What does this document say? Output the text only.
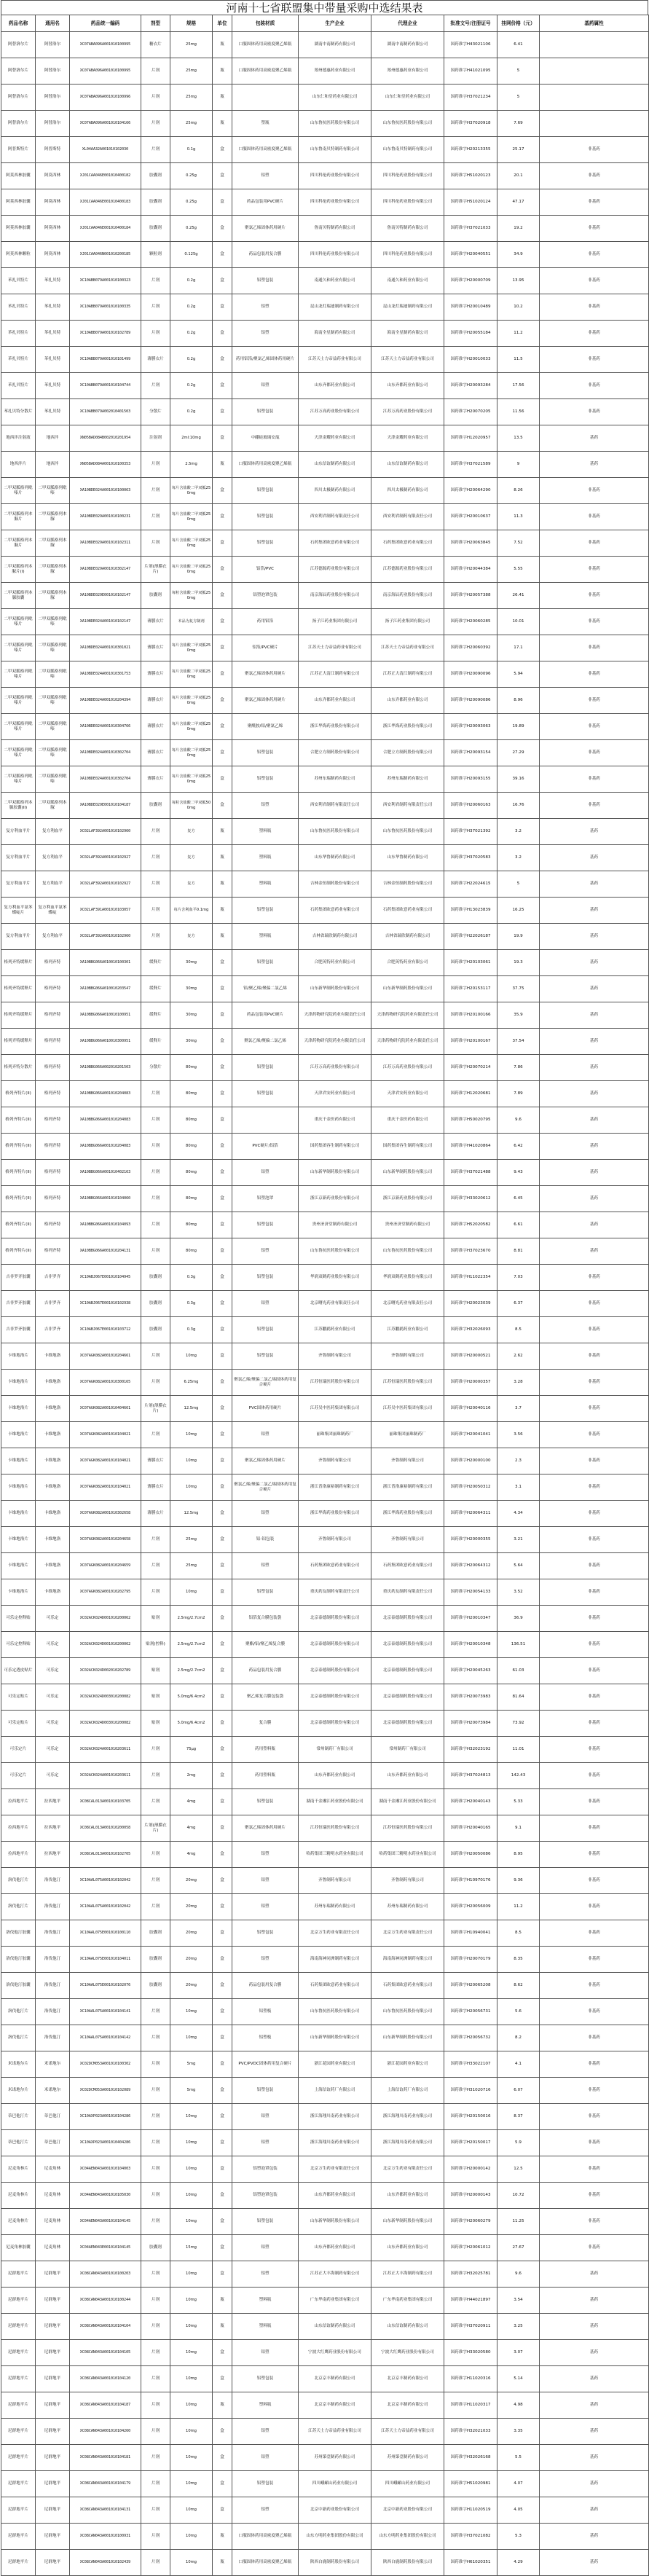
河南十七省联盟集中带量采购中选结果表
药品名称	通用名	药品统一编码	剂型	规格	单位	包装材质	生产企业	代理企业	批准文号/注册证号	挂网价格（元）	基药属性
阿替洛尔片	阿替洛尔	XC07ABA096A001010100995	糖衣片	25mg	瓶	口服固体药用高密度聚乙烯瓶	湖南中南制药有限公司	湖南中南制药有限公司	国药准字H43021106	6.41	
阿替洛尔片	阿替洛尔	XC07ABA096A001010100995	片剂	25mg	瓶	口服固体药用高密度聚乙烯瓶	郑州德惠药业有限公司	郑州德惠药业有限公司	国药准字H41021095	5	
阿替洛尔片	阿替洛尔	XC07ABA096A001010100996	片剂	25mg	瓶		山东仁和堂药业有限公司	山东仁和堂药业有限公司	国药准字H37021234	5	
阿替洛尔片	阿替洛尔	XC07ABA096A001010104166	片剂	25mg	瓶	塑瓶	山东鲁抗医药股份有限公司	山东鲁抗医药股份有限公司	国药准字H37020918	7.69	
阿普斯特片	阿普斯特	XL04AA32A001010102030	片剂	0.1g	盒	口服固体药用高密度聚乙烯瓶	山东鲁南贝特制药有限公司	山东鲁南贝特制药有限公司	国药准字H20213355	25.17	非基药
阿莫西林胶囊	阿莫西林	XJ01CAA046E001010400182	胶囊剂	0.25g	盒	铝塑	四川科伦药业股份有限公司	四川科伦药业股份有限公司	国药准字H51020123	20.1	非基药
阿莫西林胶囊	阿莫西林	XJ01CAA046E001010400183	胶囊剂	0.25g	盒	药品包装用PVC硬片	四川科伦药业股份有限公司	四川科伦药业股份有限公司	国药准字H51020124	47.17	非基药
阿莫西林胶囊	阿莫西林	XJ01CAA046E001010400184	胶囊剂	0.25g	盒	聚氯乙烯固体药用硬片	鲁南贝特制药有限公司	鲁南贝特制药有限公司	国药准字H37021033	19.2	非基药
阿莫西林颗粒	阿莫西林	XJ01CAA046N001010200185	颗粒剂	0.125g	盒	药品包装用复合膜	四川科伦药业股份有限公司	四川科伦药业股份有限公司	国药准字H20040551	34.9	非基药
苯扎贝特片	苯扎贝特	XC10ABB079A001010100323	片剂	0.2g	盒	铝塑包装	南通久和药业有限公司	南通久和药业有限公司	国药准字H20000709	13.95	非基药
苯扎贝特片	苯扎贝特	XC10ABB079A001010100335	片剂	0.2g	盒	铝塑	昆山龙灯瑞迪制药有限公司	昆山龙灯瑞迪制药有限公司	国药准字H20010489	10.2	非基药
苯扎贝特片	苯扎贝特	XC10ABB079A001010102789	片剂	0.2g	盒	铝塑	海南全星制药有限公司	海南全星制药有限公司	国药准字H20055184	11.2	非基药
苯扎贝特片	苯扎贝特	XC10ABB079A001010101499	薄膜衣片	0.2g	盒	药用铝箔/聚氯乙烯固体药用硬片	江苏天士力帝益药业有限公司	江苏天士力帝益药业有限公司	国药准字H20010033	11.5	非基药
苯扎贝特片	苯扎贝特	XC10ABB079A001010104744	片剂	0.2g	盒	铝塑	山东齐都药业有限公司	山东齐都药业有限公司	国药准字H20093284	17.56	非基药
苯扎贝特分散片	苯扎贝特	XC10ABB079A002010401503	分散片	0.2g	盒	铝塑包装	江苏万高药业股份有限公司	江苏万高药业股份有限公司	国药准字H20070205	11.56	非基药
地西泮注射液	地西泮	XN05BAD084B002010201954	注射剂	2ml:10mg	盒	中硼硅玻璃安瓿	天津金耀药业有限公司	天津金耀药业有限公司	国药准字H12020957	13.5	基药
地西泮片	地西泮	XN05BAD084A001010100353	片剂	2.5mg	瓶	口服固体药用高密度聚乙烯瓶	山东信谊制药有限公司	山东信谊制药有限公司	国药准字H37021589	9	基药
二甲双胍格列吡嗪片	二甲双胍格列吡嗪	XA10BDE024A001010100063	片剂	每片含盐酸二甲双胍250mg	盒	铝塑包装	四川太极制药有限公司	四川太极制药有限公司	国药准字H20064290	8.26	非基药
二甲双胍格列本脲片	二甲双胍格列本脲	XA10BDE029A001010100231	片剂	每片含盐酸二甲双胍250mg	盒	铝塑包装	西安利君制药有限责任公司	西安利君制药有限责任公司	国药准字H20010637	11.3	非基药
二甲双胍格列本脲片	二甲双胍格列本脲	XA10BDE029A001010102311	片剂	每片含盐酸二甲双胍250mg	盒	铝塑包装	石药集团欧意药业有限公司	石药集团欧意药业有限公司	国药准字H20063845	7.52	非基药
二甲双胍格列本脲片(I)	二甲双胍格列本脲	XA10BDE029A001010302147	片剂(薄膜衣片)	每片含盐酸二甲双胍250mg	盒	铝箔/PVC	江苏德源药业股份有限公司	江苏德源药业股份有限公司	国药准字H20044384	5.55	非基药
二甲双胍格列本脲胶囊	二甲双胍格列本脲	XA10BDE029E001010102147	胶囊剂	每粒含盐酸二甲双胍250mg	盒	铝塑泡罩包装	南京海辰药业股份有限公司	南京海辰药业股份有限公司	国药准字H20057388	26.41	非基药
二甲双胍格列吡嗪片	二甲双胍格列吡嗪	XA10BDE024A001010102147	薄膜衣片	本品为复方制剂	盒	药用铝箔	扬子江药业集团有限公司	扬子江药业集团有限公司	国药准字H20060285	10.01	非基药
二甲双胍格列吡嗪片	二甲双胍格列吡嗪	XA10BDE024A001010301021	薄膜衣片	每片含盐酸二甲双胍250mg	盒	铝箔/PVC硬片	江苏天士力帝益药业有限公司	江苏天士力帝益药业有限公司	国药准字H20060392	17.1	非基药
二甲双胍格列吡嗪片	二甲双胍格列吡嗪	XA10BDE024A001010301753	薄膜衣片	每片含盐酸二甲双胍250mg	盒	聚氯乙烯固体药用硬片	江苏正大清江制药有限公司	江苏正大清江制药有限公司	国药准字H20090096	5.94	非基药
二甲双胍格列吡嗪片	二甲双胍格列吡嗪	XA10BDE024A001010204394	薄膜衣片	每片含盐酸二甲双胍250mg	盒	聚氯乙烯固体药用硬片	山东齐都药业有限公司	山东齐都药业有限公司	国药准字H20090086	8.96	非基药
二甲双胍格列吡嗪片	二甲双胍格列吡嗪	XA10BDE024A001010304766	薄膜衣片	每片含盐酸二甲双胍250mg	盒	聚酰胺/铝/聚氯乙烯	浙江华海药业股份有限公司	浙江华海药业股份有限公司	国药准字H20093063	19.89	非基药
二甲双胍格列吡嗪片	二甲双胍格列吡嗪	XA10BDE024A001010302704	薄膜衣片	每片含盐酸二甲双胍250mg	盒	铝塑包装	合肥立方制药股份有限公司	合肥立方制药股份有限公司	国药准字H20093154	27.29	非基药
二甲双胍格列吡嗪片	二甲双胍格列吡嗪	XA10BDE024A001010302704	薄膜衣片	每片含盐酸二甲双胍250mg	盒	铝塑包装	苏州东瑞制药有限公司	苏州东瑞制药有限公司	国药准字H20093155	39.16	非基药
二甲双胍格列本脲胶囊(II)	二甲双胍格列本脲	XA10BDE029E001010104187	胶囊剂	每粒含盐酸二甲双胍500mg	盒	铝塑	西安利君制药有限责任公司	西安利君制药有限责任公司	国药准字H20060163	16.76	非基药
复方利血平片	复方利血平	XC02LAF392A001010102960	片剂	复方	瓶	塑料瓶	山东鲁抗医药股份有限公司	山东鲁抗医药股份有限公司	国药准字H37021392	3.2	基药
复方利血平片	复方利血平	XC02LAF392A001010102927	片剂	复方	瓶	塑料瓶	山东华鲁制药有限公司	山东华鲁制药有限公司	国药准字H37020583	3.2	基药
复方利血平片	复方利血平	XC02LAF392A001010102927	片剂	复方	瓶	塑料瓶	吉林金恒制药股份有限公司	吉林金恒制药股份有限公司	国药准字H22024615	5	基药
复方利血平氨苯蝶啶片	复方利血平氨苯蝶啶	XC02LAF391A001010103057	片剂	每片含利血平0.1mg	瓶	铝塑包装	石药集团欧意药业有限公司	石药集团欧意药业有限公司	国药准字H13023839	16.25	基药
复方利血平片	复方利血平	XC02LAF392A001010102960	片剂	复方	瓶	塑料瓶	吉林省瑞欣制药有限公司	吉林省瑞欣制药有限公司	国药准字H22026187	19.9	基药
格列齐特缓释片	格列齐特	XA10BBG066A010010100301	缓释片	30mg	盒	铝塑包装	合肥英特药业有限公司	合肥英特药业有限公司	国药准字H20103061	19.3	基药
格列齐特缓释片	格列齐特	XA10BBG066A010010203547	缓释片	30mg	盒	铝/聚乙烯/聚偏二氯乙烯	山东新华制药股份有限公司	山东新华制药股份有限公司	国药准字H20153117	37.75	基药
格列齐特缓释片	格列齐特	XA10BBG066A010010100951	缓释片	30mg	盒	药品包装用PVC硬片	天津药物研究院药业有限责任公司	天津药物研究院药业有限责任公司	国药准字H20100166	35.9	基药
格列齐特缓释片	格列齐特	XA10BBG066A010010300951	缓释片	30mg	盒	聚氯乙烯/聚偏二氯乙烯	天津药物研究院药业有限责任公司	天津药物研究院药业有限责任公司	国药准字H20100167	37.54	基药
格列齐特分散片	格列齐特	XA10BBG066A002010201503	分散片	80mg	盒	铝塑包装	江苏万高药业股份有限公司	江苏万高药业股份有限公司	国药准字H20070214	7.86	基药
格列齐特片(II)	格列齐特	XA10BBG066A001010204083	片剂	80mg	盒	铝塑包装	天津君安药业有限公司	天津君安药业有限公司	国药准字H12020681	7.89	基药
格列齐特片(II)	格列齐特	XA10BBG066A001010204083	片剂	80mg	盒		重庆千金医药有限公司	重庆千金医药有限公司	国药准字H50020795	9.6	基药
格列齐特片(II)	格列齐特	XA10BBG066A001010204083	片剂	80mg	盒	PVC硬片/铝箔	国药集团容生制药有限公司	国药集团容生制药有限公司	国药准字H41020864	6.42	基药
格列齐特片(II)	格列齐特	XA10BBG066A001010402163	片剂	80mg	盒	铝塑	山东新华制药股份有限公司	山东新华制药股份有限公司	国药准字H37021488	9.43	基药
格列齐特片(II)	格列齐特	XA10BBG066A001010104060	片剂	80mg	盒	铝塑泡罩	浙江京新药业股份有限公司	浙江京新药业股份有限公司	国药准字H33020612	6.45	基药
格列齐特片(II)	格列齐特	XA10BBG066A001010104093	片剂	80mg	盒	铝塑包装	贵州圣济堂制药有限公司	贵州圣济堂制药有限公司	国药准字H52020582	6.61	基药
格列齐特片(II)	格列齐特	XA10BBG066A001010204131	片剂	80mg	盒	铝塑	山东鲁抗医药股份有限公司	山东鲁抗医药股份有限公司	国药准字H37023670	8.81	基药
吉非罗齐胶囊	吉非罗齐	XC10ABJ067E001010104945	胶囊剂	0.3g	盒	铝塑包装	华润双鹤药业股份有限公司	华润双鹤药业股份有限公司	国药准字H11022354	7.03	非基药
吉非罗齐胶囊	吉非罗齐	XC10ABJ067E001010102938	胶囊剂	0.3g	盒	铝塑	北京曙光药业有限责任公司	北京曙光药业有限责任公司	国药准字H20023039	6.37	非基药
吉非罗齐胶囊	吉非罗齐	XC10ABJ067E001010103712	胶囊剂	0.3g	盒	铝塑包装	江苏鹏鹞药业有限公司	江苏鹏鹞药业有限公司	国药准字H32026093	8.5	非基药
卡维地洛片	卡维地洛	XC07AGK082A001010204661	片剂	10mg	盒	铝塑包装	齐鲁制药有限公司	齐鲁制药有限公司	国药准字H20000521	2.62	非基药
卡维地洛片	卡维地洛	XC07AGK082A001010300165	片剂	6.25mg	盒	聚氯乙烯/聚偏二氯乙烯固体药用复合硬片	江苏恒瑞医药股份有限公司	江苏恒瑞医药股份有限公司	国药准字H20000357	3.28	非基药
卡维地洛片	卡维地洛	XC07AGK082A001010404661	片剂(薄膜衣片)	12.5mg	盒	PVC固体药用硬片	江苏吴中医药集团有限公司	江苏吴中医药集团有限公司	国药准字H20040116	3.7	非基药
卡维地洛片	卡维地洛	XC07AGK082A001010104021	片剂	10mg	盒	铝塑	丽珠集团丽珠制药厂	丽珠集团丽珠制药厂	国药准字H20041041	3.56	非基药
卡维地洛片	卡维地洛	XC07AGK082A001010104021	薄膜衣片	10mg	盒	聚氯乙烯固体药用硬片	齐鲁制药有限公司	齐鲁制药有限公司	国药准字H20000100	2.3	非基药
卡维地洛片	卡维地洛	XC07AGK082A001010104021	薄膜衣片	10mg	盒	聚氯乙烯/聚偏二氯乙烯固体药用复合硬片	浙江普洛康裕制药有限公司	浙江普洛康裕制药有限公司	国药准字H20050312	3.1	非基药
卡维地洛片	卡维地洛	XC07AGK082A001010302658	薄膜衣片	12.5mg	盒	铝塑	浙江华海药业股份有限公司	浙江华海药业股份有限公司	国药准字H20064311	4.34	非基药
卡维地洛片	卡维地洛	XC07AGK082A001010204658	片剂	25mg	盒	铝-铝包装	齐鲁制药有限公司	齐鲁制药有限公司	国药准字H20000355	3.21	非基药
卡维地洛片	卡维地洛	XC07AGK082A001010204659	片剂	25mg	盒	铝塑	石药集团欧意药业有限公司	石药集团欧意药业有限公司	国药准字H20064312	5.64	非基药
卡维地洛片	卡维地洛	XC07AGK082A001010202795	片剂	10mg	盒	铝塑包装	重庆药友制药有限责任公司	重庆药友制药有限责任公司	国药准字H20054133	3.52	非基药
可乐定控释贴	可乐定	XC02ACK024D001010200062	贴剂	2.5mg/2.7cm2	盒	铝箔复合膜包装袋	北京泰德制药股份有限公司	北京泰德制药股份有限公司	国药准字H20010347	36.9	非基药
可乐定控释贴	可乐定	XC02ACK024D001010200062	贴剂(控释)	2.5mg/2.7cm2	盒	聚酯/铝/聚乙烯复合膜	北京泰德制药股份有限公司	北京泰德制药股份有限公司	国药准字H20010348	136.51	非基药
可乐定透皮贴片	可乐定	XC02ACK024D002010202789	贴剂	2.5mg/2.7cm2	盒	药品包装用复合膜	北京泰德制药股份有限公司	北京泰德制药股份有限公司	国药准字H20045263	61.03	非基药
可乐定贴片	可乐定	XC02ACK024D003010200082	贴剂	5.0mg/6.4cm2	盒	聚乙烯复合膜包装袋	北京泰德制药股份有限公司	北京泰德制药股份有限公司	国药准字H20073983	81.64	非基药
可乐定贴片	可乐定	XC02ACK024D003010200082	贴剂	5.0mg/6.4cm2	盒	复合膜	北京泰德制药股份有限公司	北京泰德制药股份有限公司	国药准字H20073984	73.92	非基药
可乐定片	可乐定	XC02ACK024A001010203611	片剂	75μg	盒	药用塑料瓶	常州制药厂有限公司	常州制药厂有限公司	国药准字H32023192	11.01	非基药
可乐定片	可乐定	XC02ACK024A001010203611	片剂	2mg	盒	药用塑料瓶	山东齐都药业有限公司	山东齐都药业有限公司	国药准字H37024813	142.43	非基药
拉西地平片	拉西地平	XC08CAL013A001010103705	片剂	4mg	盒	铝塑包装	湖南千金湘江药业股份有限公司	湖南千金湘江药业股份有限公司	国药准字H20040143	5.33	非基药
拉西地平片	拉西地平	XC08CAL013A001010200058	片剂(薄膜衣片)	4mg	盒	聚氯乙烯固体药用硬片	江苏恒瑞医药股份有限公司	江苏恒瑞医药股份有限公司	国药准字H20040165	9.1	非基药
拉西地平片	拉西地平	XC08CAL013A001010102705	片剂	4mg	盒	铝塑	哈药集团三精明水药业有限公司	哈药集团三精明水药业有限公司	国药准字H20050086	8.95	非基药
洛伐他汀片	洛伐他汀	XC10AAL075A001010102042	片剂	20mg	盒	铝塑	齐鲁制药有限公司	齐鲁制药有限公司	国药准字H10970176	9.36	非基药
洛伐他汀片	洛伐他汀	XC10AAL075A001010102042	片剂	20mg	盒	铝塑	苏州东瑞制药有限公司	苏州东瑞制药有限公司	国药准字H20056009	11.2	非基药
洛伐他汀胶囊	洛伐他汀	XC10AAL075E001010100110	胶囊剂	20mg	盒	铝塑包装	北京万生药业有限责任公司	北京万生药业有限责任公司	国药准字H10940041	8.5	非基药
洛伐他汀胶囊	洛伐他汀	XC10AAL075E001010104011	胶囊剂	20mg	盒	铝塑	海南海神同洲制药有限公司	海南海神同洲制药有限公司	国药准字H20070179	8.35	非基药
洛伐他汀胶囊	洛伐他汀	XC10AAL075E001010102076	胶囊剂	20mg	盒	药品包装用复合膜	石药集团欧意药业有限公司	石药集团欧意药业有限公司	国药准字H20065208	8.62	非基药
洛伐他汀片	洛伐他汀	XC10AAL075A001010104141	片剂	10mg	盒	铝塑板	山东鲁抗医药股份有限公司	山东鲁抗医药股份有限公司	国药准字H20056731	5.6	非基药
洛伐他汀片	洛伐他汀	XC10AAL075A001010104142	片剂	10mg	盒	铝塑板	山东新华制药股份有限公司	山东新华制药股份有限公司	国药准字H20056732	8.2	非基药
米诺地尔片	米诺地尔	XC02DCM053A001010100302	片剂	5mg	盒	PVC/PVDC固体药用复合硬片	浙江花园药业有限公司	浙江花园药业有限公司	国药准字H33022107	4.1	非基药
米诺地尔片	米诺地尔	XC02DCM053A001010102089	片剂	5mg	盒	铝塑包装	上海信谊药厂有限公司	上海信谊药厂有限公司	国药准字H31020716	6.07	非基药
蒂巴他汀片	蒂巴他汀	XC10AXP023A001010104286	片剂	10mg	盒	铝塑	浙江海翔川南药业有限公司	浙江海翔川南药业有限公司	国药准字H20150016	8.37	非基药
蒂巴他汀片	蒂巴他汀	XC10AXP023A001010404286	片剂	10mg	盒	铝塑	浙江海翔川南药业有限公司	浙江海翔川南药业有限公司	国药准字H20150017	5.9	非基药
尼麦角林片	尼麦角林	XC04AEN043A001010104003	片剂	10mg	盒	铝塑泡罩包装	北京万生药业有限责任公司	北京万生药业有限责任公司	国药准字H20000142	12.5	非基药
尼麦角林片	尼麦角林	XC04AEN043A001010105030	片剂	10mg	盒	铝塑泡罩包装	山东齐都药业有限公司	山东齐都药业有限公司	国药准字H20000143	10.72	非基药
尼麦角林片	尼麦角林	XC04AEN043A001010104145	片剂	10mg	盒	铝塑包装	山东新华制药股份有限公司	山东新华制药股份有限公司	国药准字H20060279	11.25	非基药
尼麦角林胶囊	尼麦角林	XC04AEN043E001010104145	胶囊剂	15mg	盒	铝塑	山东齐都药业有限公司	山东齐都药业有限公司	国药准字H20061012	27.67	非基药
尼群地平片	尼群地平	XC08CAN043A001010100203	片剂	10mg	盒	铝塑	江苏正大丰海制药有限公司	江苏正大丰海制药有限公司	国药准字H32025781	9.6	基药
尼群地平片	尼群地平	XC08CAN043A001010100244	片剂	10mg	瓶	塑料瓶	广东华南药业集团有限公司	广东华南药业集团有限公司	国药准字H44021897	3.54	基药
尼群地平片	尼群地平	XC08CAN043A001010104104	片剂	10mg	瓶	塑料瓶	山东信谊制药有限公司	山东信谊制药有限公司	国药准字H37020911	3.25	基药
尼群地平片	尼群地平	XC08CAN043A001010104105	片剂	10mg	盒	铝塑	宁波大红鹰药业股份有限公司	宁波大红鹰药业股份有限公司	国药准字H33020580	3.07	基药
尼群地平片	尼群地平	XC08CAN043A001010104120	片剂	10mg	盒	铝塑包装	北京京丰制药有限公司	北京京丰制药有限公司	国药准字H11020316	5.14	基药
尼群地平片	尼群地平	XC08CAN043A001010104187	片剂	10mg	瓶	塑料瓶	北京京丰制药有限公司	北京京丰制药有限公司	国药准字H11020317	4.98	基药
尼群地平片	尼群地平	XC08CAN043A001010104260	片剂	10mg	盒	铝塑	江苏天士力帝益药业有限公司	江苏天士力帝益药业有限公司	国药准字H32021033	3.35	基药
尼群地平片	尼群地平	XC08CAN043A001010104181	片剂	10mg	盒	铝塑	苏州第壹制药有限公司	苏州第壹制药有限公司	国药准字H32026168	5.5	基药
尼群地平片	尼群地平	XC08CAN043A001010104179	片剂	10mg	盒	铝塑包装	四川峨嵋山药业有限公司	四川峨嵋山药业有限公司	国药准字H51020981	4.07	基药
尼群地平片	尼群地平	XC08CAN043A001010104131	片剂	10mg	盒	铝塑	北京中新药业股份有限公司	北京中新药业股份有限公司	国药准字H11020519	4.05	基药
尼群地平片	尼群地平	XC08CAN043A001010100931	片剂	10mg	瓶	口服固体药用高密度聚乙烯瓶	山东方明药业集团股份有限公司	山东方明药业集团股份有限公司	国药准字H37021082	5.3	基药
尼群地平片	尼群地平	XC08CAN043A001010102439	片剂	10mg	瓶	口服固体药用高密度聚乙烯瓶	陕西白鹿制药股份有限公司	陕西白鹿制药股份有限公司	国药准字H61020351	4.29	基药
